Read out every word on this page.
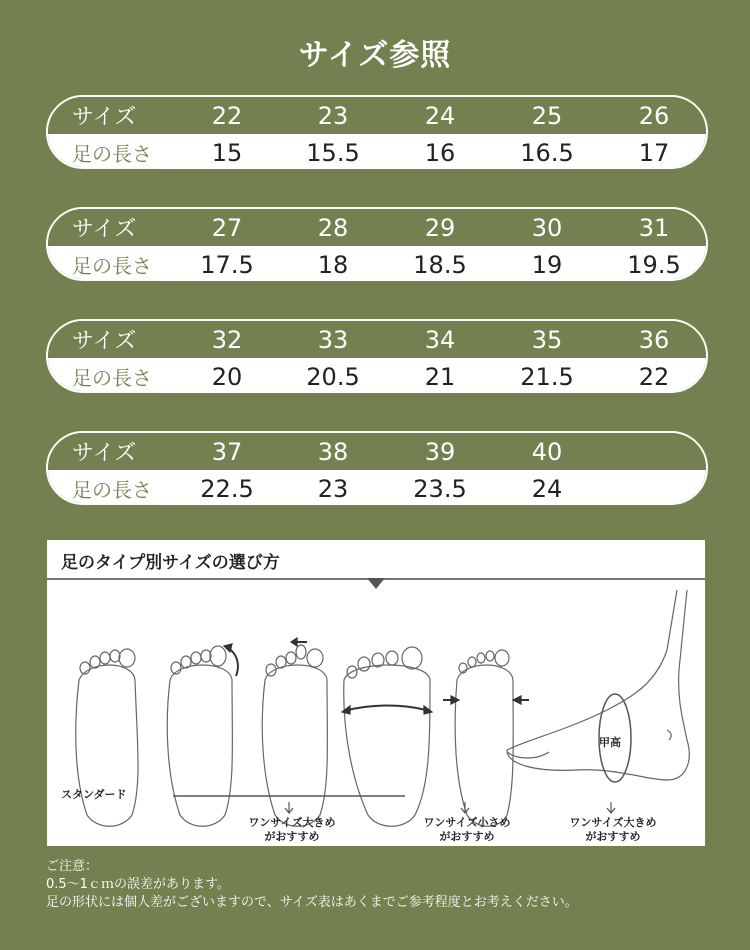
サイズ参照
サイズ	22	23	24	25	26
足の長さ	15	15.5	16	16.5	17
サイズ	27	28	29	30	31
足の長さ	17.5	18	18.5	19	19.5
サイズ	32	33	34	35	36
足の長さ	20	20.5	21	21.5	22
サイズ	37	38	39	40
足の長さ	22.5	23	23.5	24
足のタイプ別サイズの選び方
スタンダード
甲高
ワンサイズ大きめ
がおすすめ
ワンサイズ小さめ
がおすすめ
ワンサイズ大きめ
がおすすめ
ご注意：
0.5～1ｃｍの誤差があります。
足の形状には個人差がございますので、サイズ表はあくまでご参考程度とお考えください。
